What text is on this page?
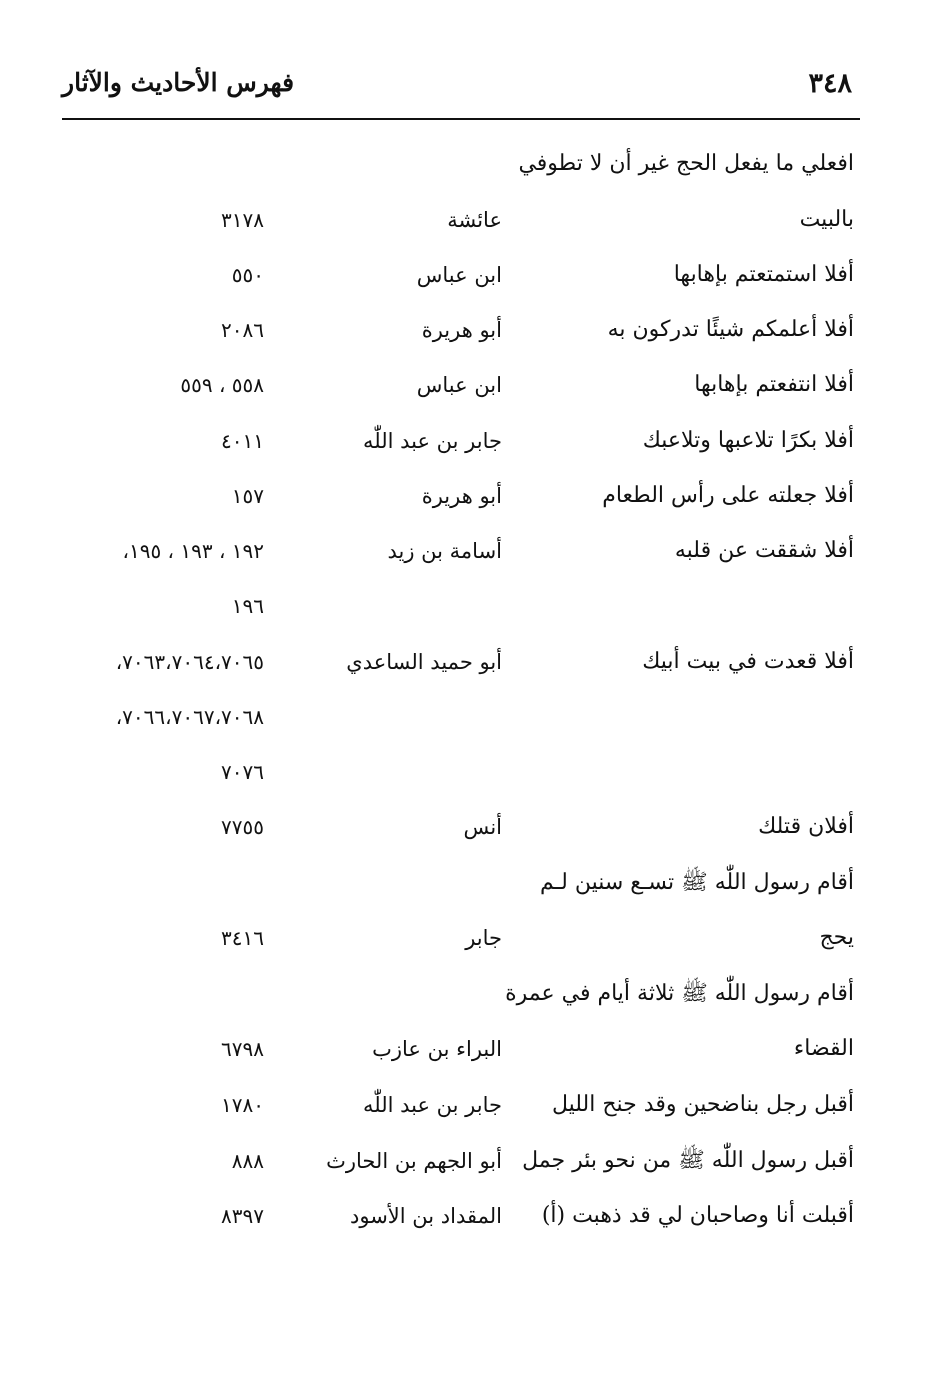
٣٤٨
فهرس الأحاديث والآثار
افعلي ما يفعل الحج غير أن لا تطوفي
بالبيت
عائشة
٣١٧٨
أفلا استمتعتم بإهابها
ابن عباس
٥٥٠
أفلا أعلمكم شيئًا تدركون به
أبو هريرة
٢٠٨٦
أفلا انتفعتم بإهابها
ابن عباس
٥٥٨ ، ٥٥٩
أفلا بكرًا تلاعبها وتلاعبك
جابر بن عبد اللّٰه
٤٠١١
أفلا جعلته على رأس الطعام
أبو هريرة
١٥٧
أفلا شققت عن قلبه
أسامة بن زيد
١٩٢ ، ١٩٣ ، ١٩٥،
١٩٦
أفلا قعدت في بيت أبيك
أبو حميد الساعدي
٧٠٦٣،٧٠٦٤،٧٠٦٥،
٧٠٦٦،٧٠٦٧،٧٠٦٨،
٧٠٧٦
أفلان قتلك
أنس
٧٧٥٥
أقام رسول اللّٰه ﷺ تسـع سنين لـم
يحج
جابر
٣٤١٦
أقام رسول اللّٰه ﷺ ثلاثة أيام في عمرة
القضاء
البراء بن عازب
٦٧٩٨
أقبل رجل بناضحين وقد جنح الليل
جابر بن عبد اللّٰه
١٧٨٠
أقبل رسول اللّٰه ﷺ من نحو بئر جمل
أبو الجهم بن الحارث
٨٨٨
أقبلت أنا وصاحبان لي قد ذهبت (أ)
المقداد بن الأسود
٨٣٩٧
